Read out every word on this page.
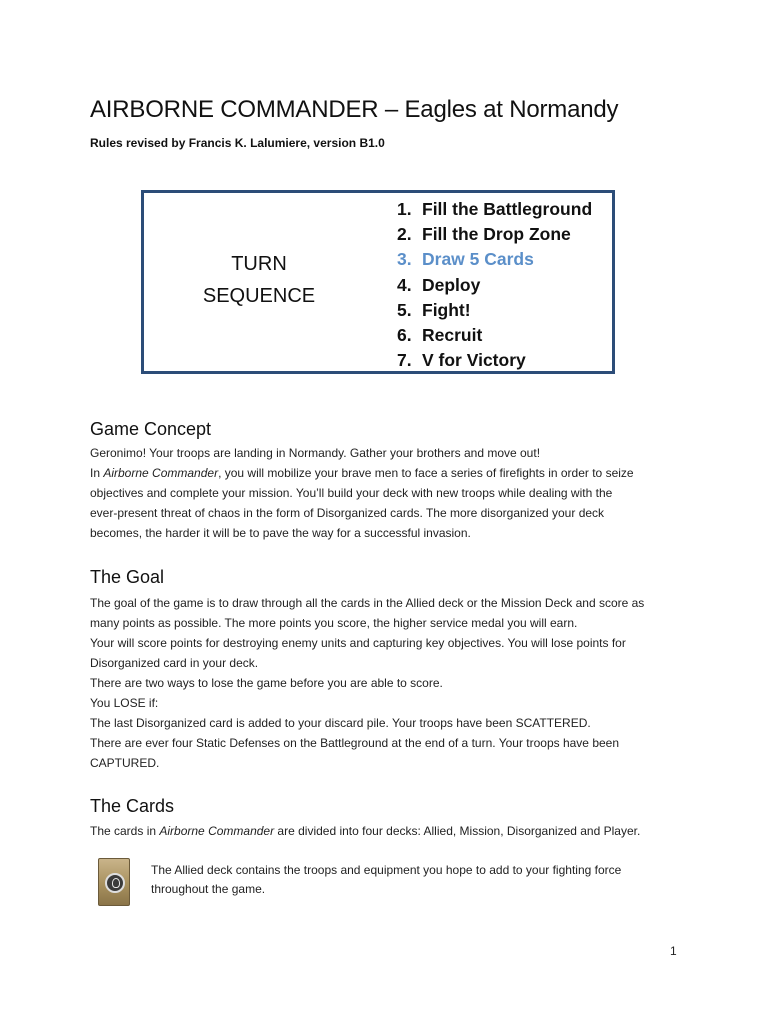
AIRBORNE COMMANDER – Eagles at Normandy
Rules revised by Francis K. Lalumiere, version B1.0
TURN
SEQUENCE
1. Fill the Battleground
2. Fill the Drop Zone
3. Draw 5 Cards
4. Deploy
5. Fight!
6. Recruit
7. V for Victory
Game Concept

Geronimo! Your troops are landing in Normandy. Gather your brothers and move out!

In Airborne Commander, you will mobilize your brave men to face a series of firefights in order to seize

objectives and complete your mission. You’ll build your deck with new troops while dealing with the

ever-present threat of chaos in the form of Disorganized cards. The more disorganized your deck

becomes, the harder it will be to pave the way for a successful invasion.

The Goal

The goal of the game is to draw through all the cards in the Allied deck or the Mission Deck and score as

many points as possible. The more points you score, the higher service medal you will earn.

Your will score points for destroying enemy units and capturing key objectives. You will lose points for

Disorganized card in your deck.

There are two ways to lose the game before you are able to score.

You LOSE if:

The last Disorganized card is added to your discard pile. Your troops have been SCATTERED.

There are ever four Static Defenses on the Battleground at the end of a turn. Your troops have been

CAPTURED.

The Cards

The cards in Airborne Commander are divided into four decks: Allied, Mission, Disorganized and Player.

The Allied deck contains the troops and equipment you hope to add to your fighting force

throughout the game.

1
